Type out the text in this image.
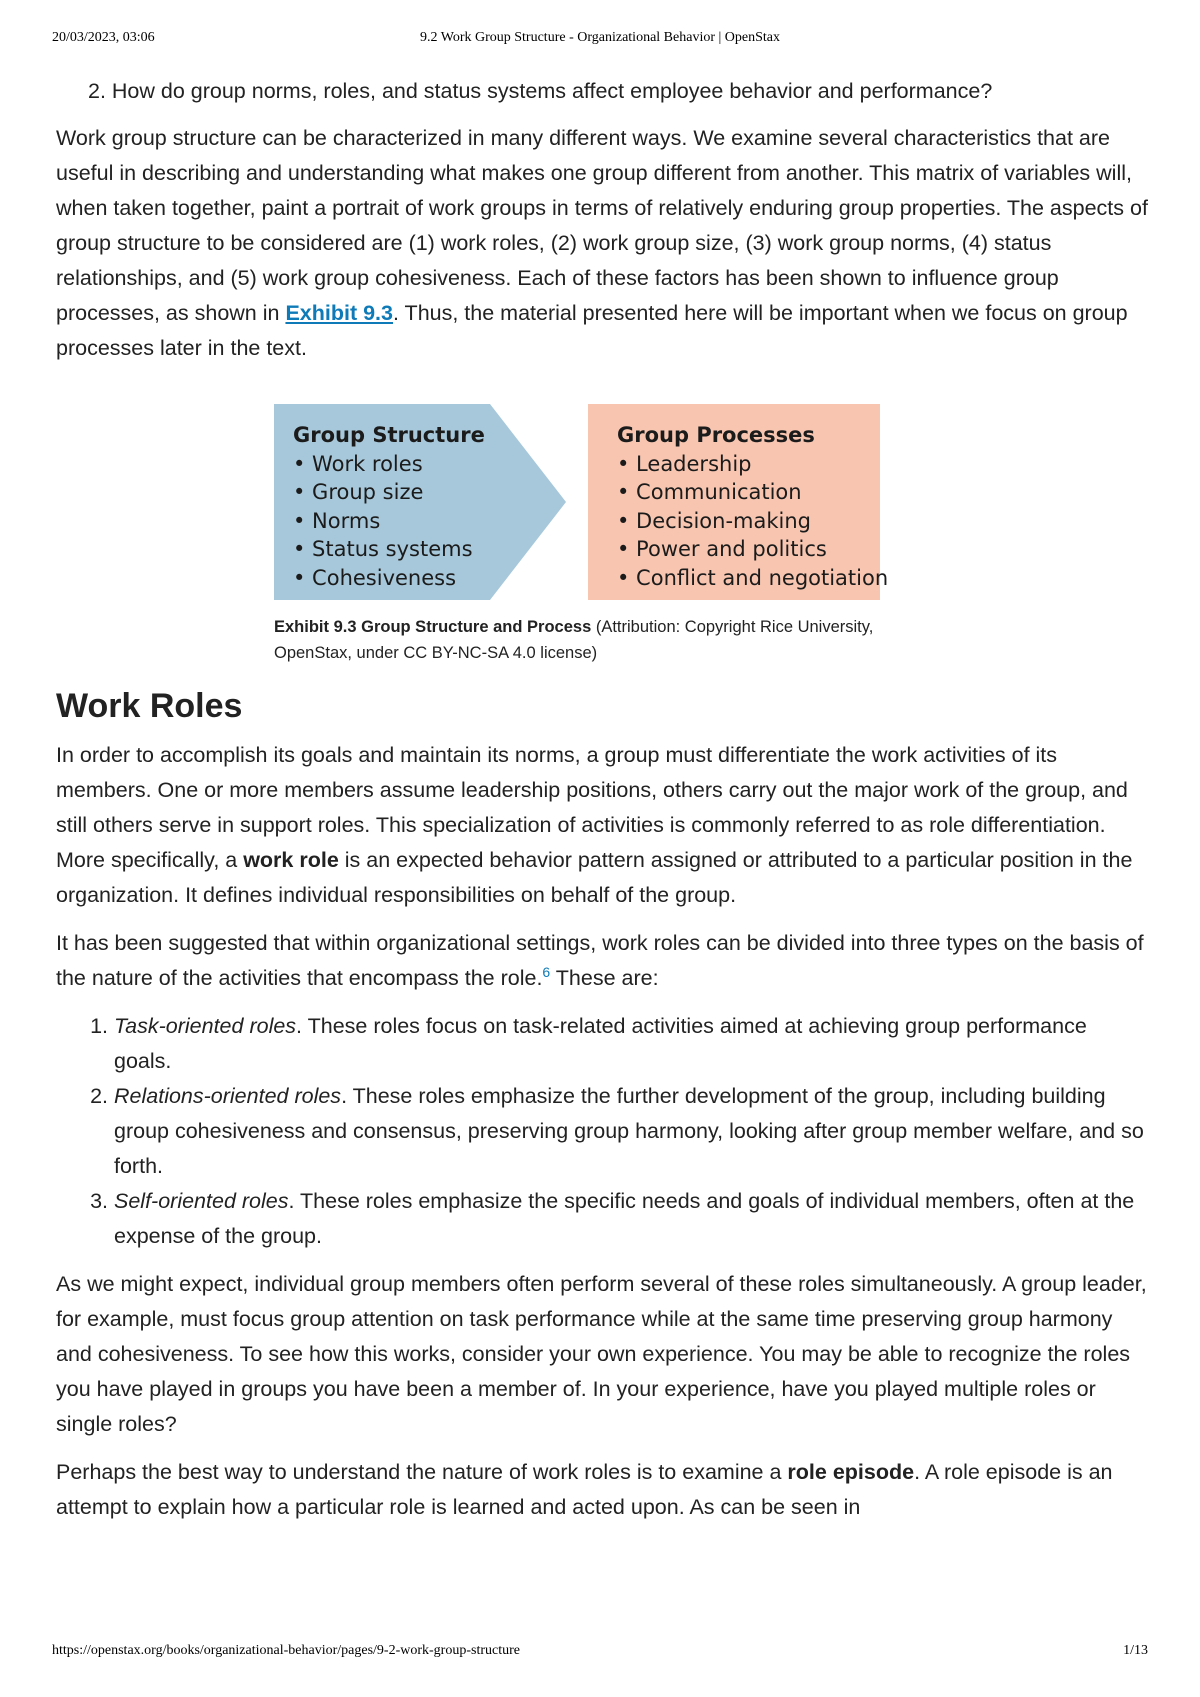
20/03/2023, 03:06	9.2 Work Group Structure - Organizational Behavior | OpenStax
2. How do group norms, roles, and status systems affect employee behavior and performance?

Work group structure can be characterized in many different ways. We examine several characteristics that are useful in describing and understanding what makes one group different from another. This matrix of variables will, when taken together, paint a portrait of work groups in terms of relatively enduring group properties. The aspects of group structure to be considered are (1) work roles, (2) work group size, (3) work group norms, (4) status relationships, and (5) work group cohesiveness. Each of these factors has been shown to influence group processes, as shown in Exhibit 9.3. Thus, the material presented here will be important when we focus on group processes later in the text.

Group Structure
• Work roles
• Group size
• Norms
• Status systems
• Cohesiveness
Group Processes
• Leadership
• Communication
• Decision-making
• Power and politics
• Conflict and negotiation
Exhibit 9.3 Group Structure and Process (Attribution: Copyright Rice University, OpenStax, under CC BY-NC-SA 4.0 license)
Work Roles

In order to accomplish its goals and maintain its norms, a group must differentiate the work activities of its members. One or more members assume leadership positions, others carry out the major work of the group, and still others serve in support roles. This specialization of activities is commonly referred to as role differentiation. More specifically, a work role is an expected behavior pattern assigned or attributed to a particular position in the organization. It defines individual responsibilities on behalf of the group.

It has been suggested that within organizational settings, work roles can be divided into three types on the basis of the nature of the activities that encompass the role.$^6$ These are:

1. Task-oriented roles. These roles focus on task-related activities aimed at achieving group performance goals.
2. Relations-oriented roles. These roles emphasize the further development of the group, including building group cohesiveness and consensus, preserving group harmony, looking after group member welfare, and so forth.
3. Self-oriented roles. These roles emphasize the specific needs and goals of individual members, often at the expense of the group.

As we might expect, individual group members often perform several of these roles simultaneously. A group leader, for example, must focus group attention on task performance while at the same time preserving group harmony and cohesiveness. To see how this works, consider your own experience. You may be able to recognize the roles you have played in groups you have been a member of. In your experience, have you played multiple roles or single roles?

Perhaps the best way to understand the nature of work roles is to examine a role episode. A role episode is an attempt to explain how a particular role is learned and acted upon. As can be seen in

https://openstax.org/books/organizational-behavior/pages/9-2-work-group-structure	1/13
